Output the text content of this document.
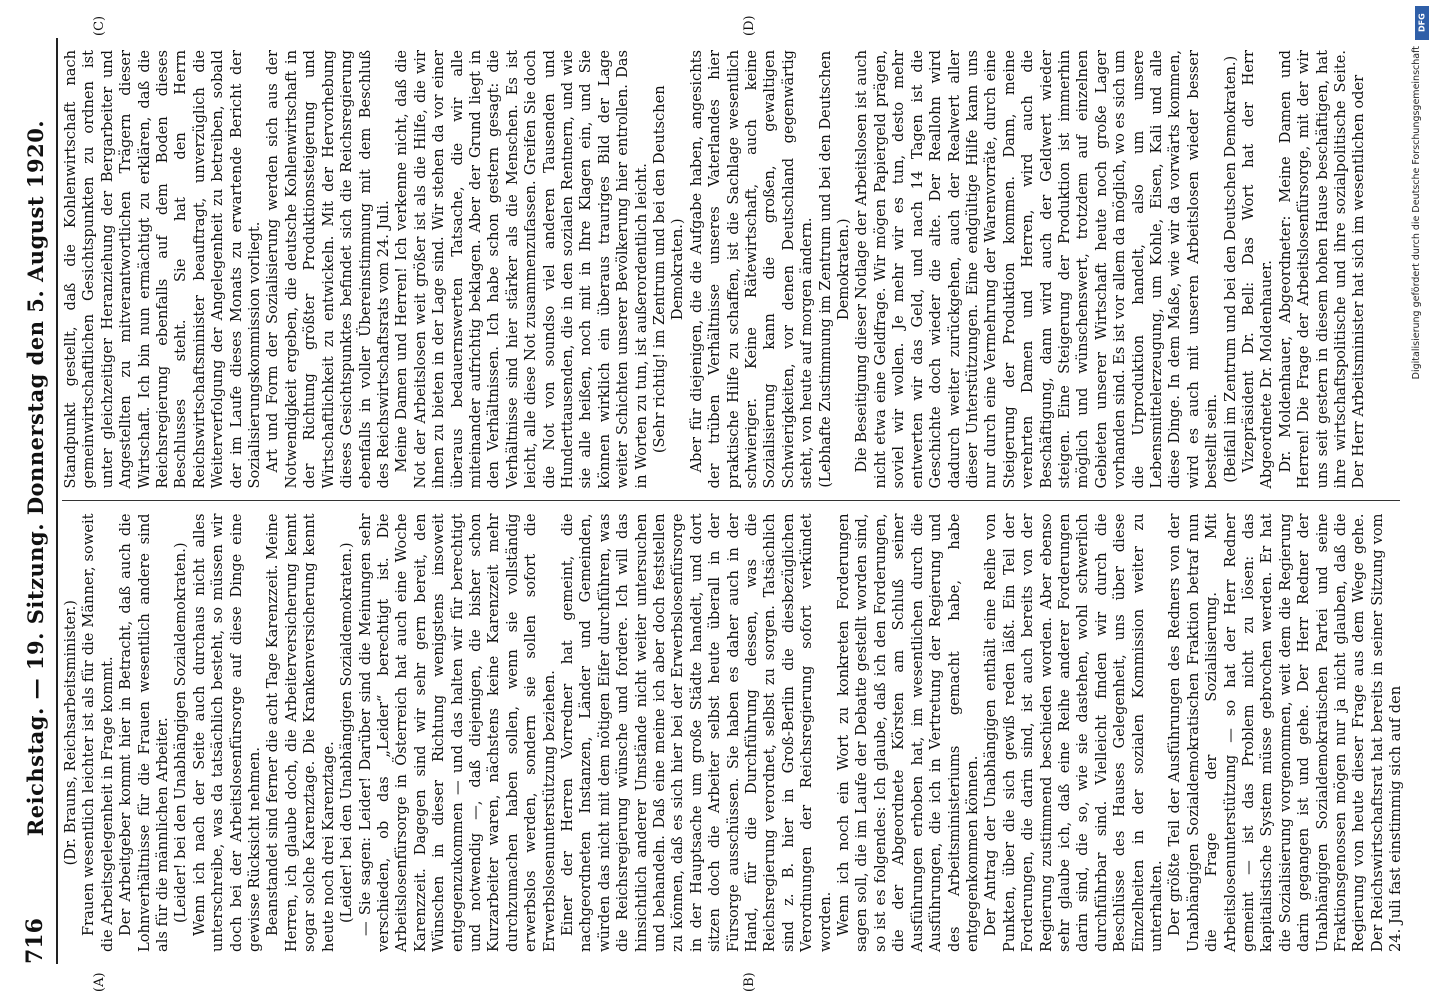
716
Reichstag. — 19. Sitzung. Donnerstag den 5. August 1920.
(A)	(B)
(C)	(D)

(Dr. Brauns, Reichsarbeitsminister.) Frauen wesentlich leichter ist als für die Männer, soweit die Arbeitsgelegenheit in Frage kommt. Der Arbeitgeber kommt hier in Betracht, daß auch die Lohnverhältnisse für die Frauen wesentlich andere sind als für die männlichen Arbeiter. (Leider! bei den Unabhängigen Sozialdemokraten.) Wenn ich nach der Seite auch durchaus nicht alles unterschreibe, was da tatsächlich besteht, so müssen wir doch bei der Arbeitslosenfürsorge auf diese Dinge eine gewisse Rücksicht nehmen. Beanstandet sind ferner die acht Tage Karenzzeit. Meine Herren, ich glaube doch, die Arbeiterversicherung kennt sogar solche Karenztage. Die Krankenversicherung kennt heute noch drei Karenztage. (Leider! bei den Unabhängigen Sozialdemokraten.) — Sie sagen: Leider! Darüber sind die Meinungen sehr verschieden, ob das „Leider“ berechtigt ist. Die Arbeitslosenfürsorge in Österreich hat auch eine Woche Karenzzeit. Dagegen sind wir sehr gern bereit, den Wünschen in dieser Richtung wenigstens insoweit entgegenzukommen — und das halten wir für berechtigt und notwendig —, daß diejenigen, die bisher schon Kurzarbeiter waren, nächstens keine Karenzzeit mehr durchzumachen haben sollen, wenn sie vollständig erwerbslos werden, sondern sie sollen sofort die Erwerbslosenunterstützung beziehen. Einer der Herren Vorredner hat gemeint, die nachgeordneten Instanzen, Länder und Gemeinden, würden das nicht mit dem nötigen Eifer durchführen, was die Reichsregierung wünsche und fordere. Ich will das hinsichtlich anderer Umstände nicht weiter untersuchen und behandeln. Daß eine meine ich aber doch feststellen zu können, daß es sich hier bei der Erwerbslosenfürsorge in der Hauptsache um große Städte handelt, und dort sitzen doch die Arbeiter selbst heute überall in der Fürsorge ausschüssen. Sie haben es daher auch in der Hand, für die Durchführung dessen, was die Reichsregierung verordnet, selbst zu sorgen. Tatsächlich sind z. B. hier in Groß-Berlin die diesbezüglichen Verordnungen der Reichsregierung sofort verkündet worden. Wenn ich noch ein Wort zu konkreten Forderungen sagen soll, die im Laufe der Debatte gestellt worden sind, so ist es folgendes: Ich glaube, daß ich den Forderungen, die der Abgeordnete Körsten am Schluß seiner Ausführungen erhoben hat, im wesentlichen durch die Ausführungen, die ich in Vertretung der Regierung und des Arbeitsministeriums gemacht habe, habe entgegenkommen können. Der Antrag der Unabhängigen enthält eine Reihe von Punkten, über die sich gewiß reden läßt. Ein Teil der Forderungen, die darin sind, ist auch bereits von der Regierung zustimmend beschieden worden. Aber ebenso sehr glaube ich, daß eine Reihe anderer Forderungen darin sind, die so, wie sie dastehen, wohl schwerlich durchführbar sind. Vielleicht finden wir durch die Beschlüsse des Hauses Gelegenheit, uns über diese Einzelheiten in der sozialen Kommission weiter zu unterhalten. Der größte Teil der Ausführungen des Redners von der Unabhängigen Sozialdemokratischen Fraktion betraf nun die Frage der Sozialisierung. Mit Arbeitslosenunterstützung — so hat der Herr Redner gemeint — ist das Problem nicht zu lösen: das kapitalistische System müsse gebrochen werden. Er hat die Sozialisierung vorgenommen, weit dem die Regierung darin gegangen ist und gehe. Der Herr Redner der Unabhängigen Sozialdemokratischen Partei und seine Fraktionsgenossen mögen nur ja nicht glauben, daß die Regierung von heute dieser Frage aus dem Wege gehe. Der Reichswirtschaftsrat hat bereits in seiner Sitzung vom 24. Juli fast einstimmig sich auf den

Standpunkt gestellt, daß die Kohlenwirtschaft nach gemeinwirtschaftlichen Gesichtspunkten zu ordnen ist unter gleichzeitiger Heranziehung der Bergarbeiter und Angestellten zu mitverantwortlichen Trägern dieser Wirtschaft. Ich bin nun ermächtigt zu erklären, daß die Reichsregierung ebenfalls auf dem Boden dieses Beschlusses steht. Sie hat den Herrn Reichswirtschaftsminister beauftragt, unverzüglich die Weiterverfolgung der Angelegenheit zu betreiben, sobald der im Laufe dieses Monats zu erwartende Bericht der Sozialisierungskommission vorliegt. Art und Form der Sozialisierung werden sich aus der Notwendigkeit ergeben, die deutsche Kohlenwirtschaft in der Richtung größter Produktionssteigerung und Wirtschaftlichkeit zu entwickeln. Mit der Hervorhebung dieses Gesichtspunktes befindet sich die Reichsregierung ebenfalls in voller Übereinstimmung mit dem Beschluß des Reichswirtschaftsrats vom 24. Juli. Meine Damen und Herren! Ich verkenne nicht, daß die Not der Arbeitslosen weit größer ist als die Hilfe, die wir ihnen zu bieten in der Lage sind. Wir stehen da vor einer überaus bedauernswerten Tatsache, die wir alle miteinander aufrichtig beklagen. Aber der Grund liegt in den Verhältnissen. Ich habe schon gestern gesagt: die Verhältnisse sind hier stärker als die Menschen. Es ist leicht, alle diese Not zusammenzufassen. Greifen Sie doch die Not von soundso viel anderen Tausenden und Hunderttausenden, die in den sozialen Rentnern, und wie sie alle heißen, noch mit in Ihre Klagen ein, und Sie können wirklich ein überaus trauriges Bild der Lage weiter Schichten unserer Bevölkerung hier entrollen. Das in Worten zu tun, ist außerordentlich leicht. (Sehr richtig! im Zentrum und bei den Deutschen Demokraten.) Aber für diejenigen, die die Aufgabe haben, angesichts der trüben Verhältnisse unseres Vaterlandes hier praktische Hilfe zu schaffen, ist die Sachlage wesentlich schwieriger. Keine Rätewirtschaft, auch keine Sozialisierung kann die großen, gewaltigen Schwierigkeiten, vor denen Deutschland gegenwärtig steht, von heute auf morgen ändern. (Lebhafte Zustimmung im Zentrum und bei den Deutschen Demokraten.) Die Beseitigung dieser Notlage der Arbeitslosen ist auch nicht etwa eine Geldfrage. Wir mögen Papiergeld prägen, soviel wir wollen. Je mehr wir es tun, desto mehr entwerten wir das Geld, und nach 14 Tagen ist die Geschichte doch wieder die alte. Der Reallohn wird dadurch weiter zurückgehen, auch der Realwert aller dieser Unterstützungen. Eine endgültige Hilfe kann uns nur durch eine Vermehrung der Warenvorräte, durch eine Steigerung der Produktion kommen. Dann, meine verehrten Damen und Herren, wird auch die Beschäftigung, dann wird auch der Geldwert wieder steigen. Eine Steigerung der Produktion ist immerhin möglich und wünschenswert, trotzdem auf einzelnen Gebieten unserer Wirtschaft heute noch große Lager vorhanden sind. Es ist vor allem da möglich, wo es sich um die Urproduktion handelt, also um unsere Lebensmittelerzeugung, um Kohle, Eisen, Kali und alle diese Dinge. In dem Maße, wie wir da vorwärts kommen, wird es auch mit unseren Arbeitslosen wieder besser bestellt sein. (Beifall im Zentrum und bei den Deutschen Demokraten.) Vizepräsident Dr. Bell: Das Wort hat der Herr Abgeordnete Dr. Moldenhauer. Dr. Moldenhauer, Abgeordneter: Meine Damen und Herren! Die Frage der Arbeitslosenfürsorge, mit der wir uns seit gestern in diesem hohen Hause beschäftigen, hat ihre wirtschaftspolitische und ihre sozialpolitische Seite. Der Herr Arbeitsminister hat sich im wesentlichen oder

DFG
Digitalisierung gefördert durch die Deutsche Forschungsgemeinschaft
